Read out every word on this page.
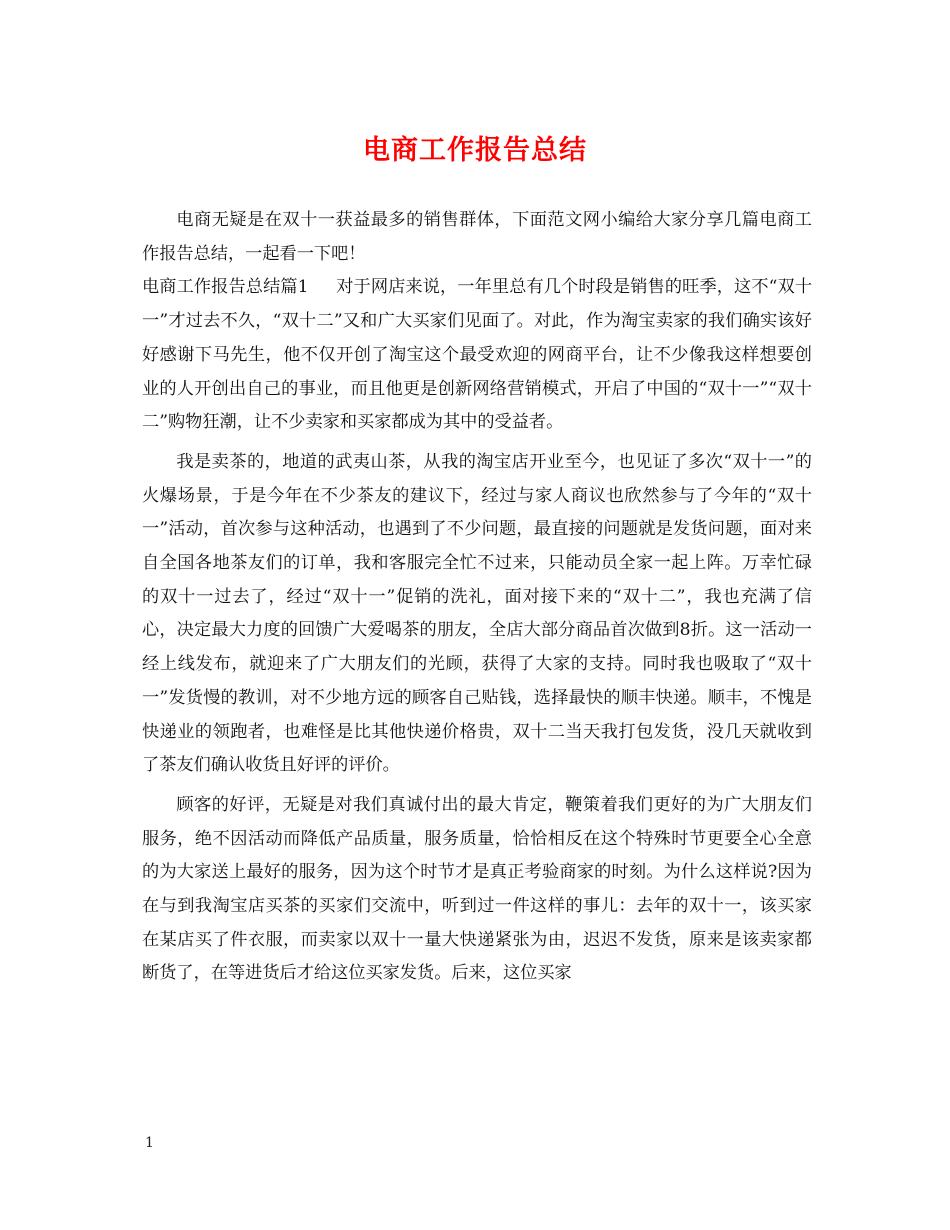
电商工作报告总结

电商无疑是在双十一获益最多的销售群体，下面范文网小编给大家分享几篇电商工作报告总结，一起看一下吧！

电商工作报告总结篇1 对于网店来说，一年里总有几个时段是销售的旺季，这不“双十一”才过去不久，“双十二”又和广大买家们见面了。对此，作为淘宝卖家的我们确实该好好感谢下马先生，他不仅开创了淘宝这个最受欢迎的网商平台，让不少像我这样想要创业的人开创出自己的事业，而且他更是创新网络营销模式，开启了中国的“双十一”“双十二”购物狂潮，让不少卖家和买家都成为其中的受益者。

我是卖茶的，地道的武夷山茶，从我的淘宝店开业至今，也见证了多次“双十一”的火爆场景，于是今年在不少茶友的建议下，经过与家人商议也欣然参与了今年的“双十一”活动，首次参与这种活动，也遇到了不少问题，最直接的问题就是发货问题，面对来自全国各地茶友们的订单，我和客服完全忙不过来，只能动员全家一起上阵。万幸忙碌的双十一过去了，经过“双十一”促销的洗礼，面对接下来的“双十二”，我也充满了信心，决定最大力度的回馈广大爱喝茶的朋友，全店大部分商品首次做到8折。这一活动一经上线发布，就迎来了广大朋友们的光顾，获得了大家的支持。同时我也吸取了“双十一”发货慢的教训，对不少地方远的顾客自己贴钱，选择最快的顺丰快递。顺丰，不愧是快递业的领跑者，也难怪是比其他快递价格贵，双十二当天我打包发货，没几天就收到了茶友们确认收货且好评的评价。

顾客的好评，无疑是对我们真诚付出的最大肯定，鞭策着我们更好的为广大朋友们服务，绝不因活动而降低产品质量，服务质量，恰恰相反在这个特殊时节更要全心全意的为大家送上最好的服务，因为这个时节才是真正考验商家的时刻。为什么这样说?因为在与到我淘宝店买茶的买家们交流中，听到过一件这样的事儿：去年的双十一，该买家在某店买了件衣服，而卖家以双十一量大快递紧张为由，迟迟不发货，原来是该卖家都断货了，在等进货后才给这位买家发货。后来，这位买家

1
